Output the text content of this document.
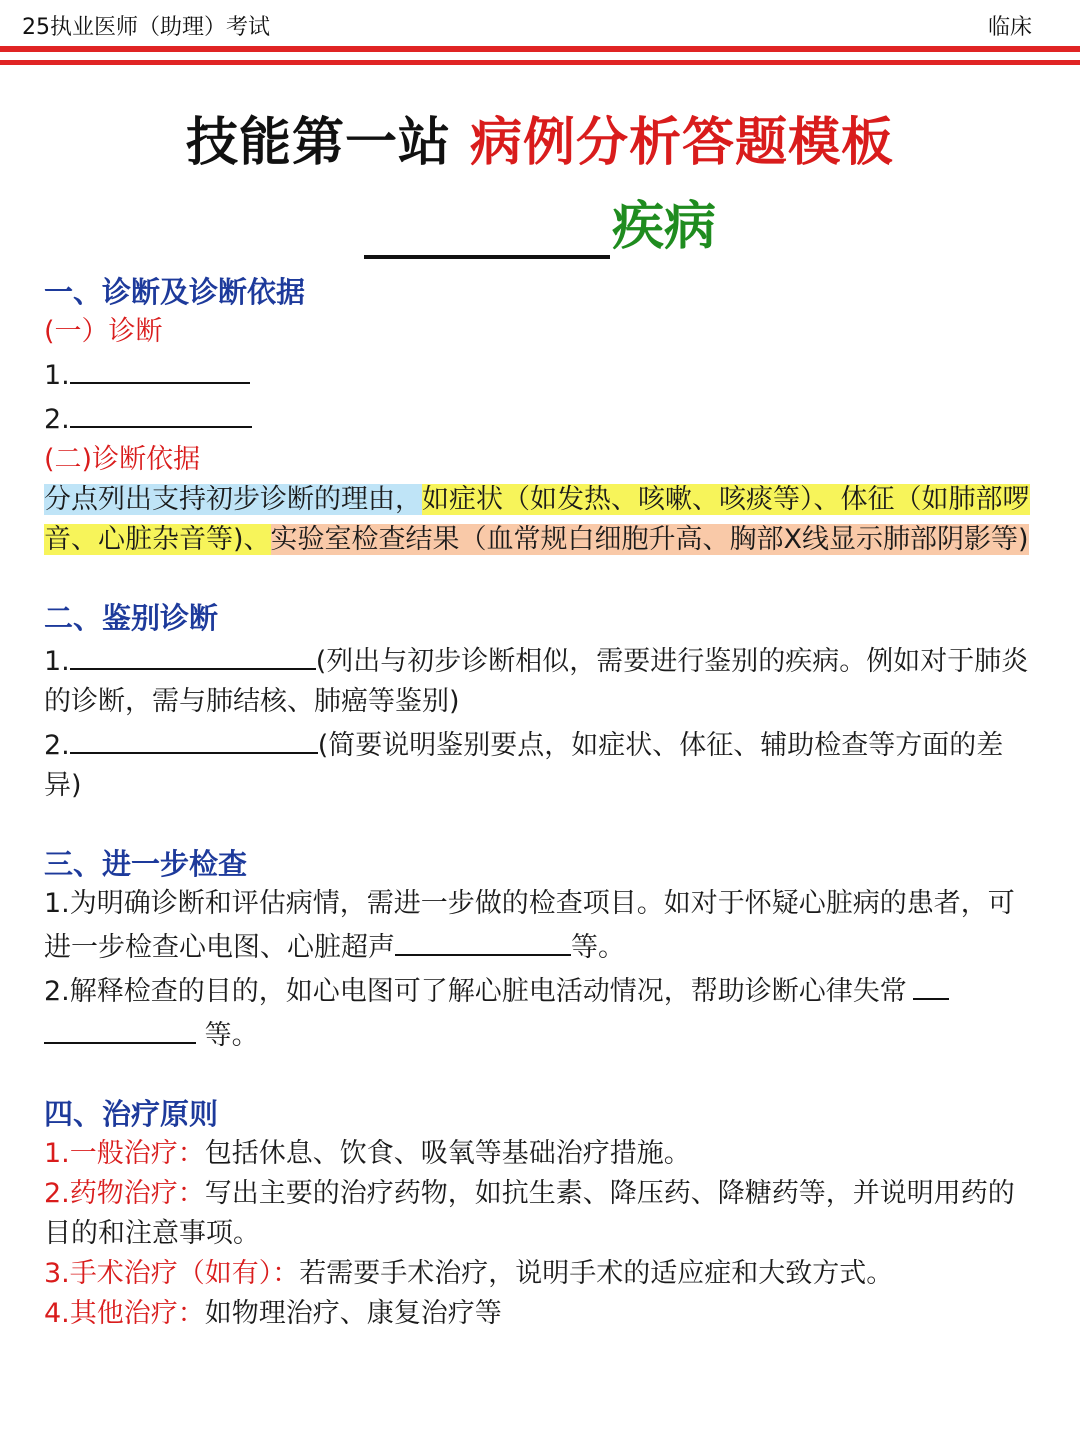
25执业医师（助理）考试	临床
技能第一站 病例分析答题模板
疾病
一、诊断及诊断依据
(一）诊断
1.
2.
(二)诊断依据
分点列出支持初步诊断的理由，如症状（如发热、咳嗽、咳痰等）、体征（如肺部啰音、心脏杂音等)、实验室检查结果（血常规白细胞升高、胸部X线显示肺部阴影等)
二、鉴别诊断
1.	(列出与初步诊断相似，需要进行鉴别的疾病。例如对于肺炎的诊断，需与肺结核、肺癌等鉴别)
2.	(简要说明鉴别要点，如症状、体征、辅助检查等方面的差异)
三、进一步检查
1.为明确诊断和评估病情，需进一步做的检查项目。如对于怀疑心脏病的患者，可进一步检查心电图、心脏超声	等。
2.解释检查的目的，如心电图可了解心脏电活动情况，帮助诊断心律失常 等。
四、治疗原则
1.一般治疗：包括休息、饮食、吸氧等基础治疗措施。
2.药物治疗：写出主要的治疗药物，如抗生素、降压药、降糖药等，并说明用药的目的和注意事项。
3.手术治疗（如有）：若需要手术治疗，说明手术的适应症和大致方式。
4.其他治疗：如物理治疗、康复治疗等
